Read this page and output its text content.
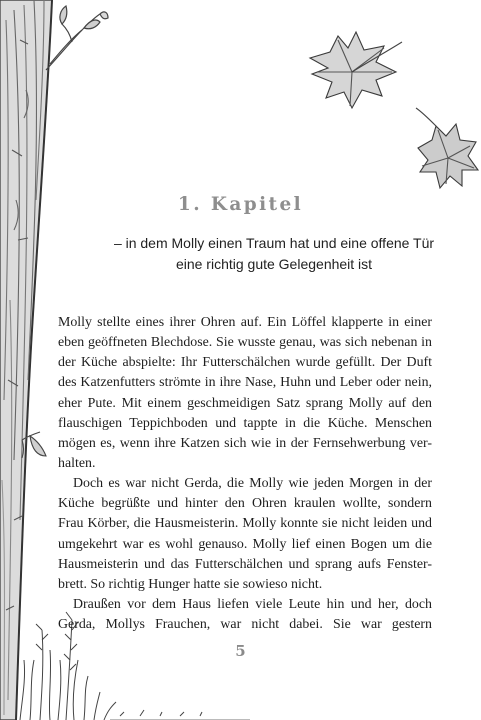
1. Kapitel
– in dem Molly einen Traum hat und eine offene Tür
eine richtig gute Gelegenheit ist
Molly stellte eines ihrer Ohren auf. Ein Löffel klapperte in einer
eben geöffneten Blechdose. Sie wusste genau, was sich nebenan in
der Küche abspielte: Ihr Futterschälchen wurde gefüllt. Der Duft
des Katzenfutters strömte in ihre Nase, Huhn und Leber oder nein,
eher Pute. Mit einem geschmeidigen Satz sprang Molly auf den
flauschigen Teppichboden und tappte in die Küche. Menschen
mögen es, wenn ihre Katzen sich wie in der Fernsehwerbung ver-
halten.
Doch es war nicht Gerda, die Molly wie jeden Morgen in der
Küche begrüßte und hinter den Ohren kraulen wollte, sondern
Frau Körber, die Hausmeisterin. Molly konnte sie nicht leiden und
umgekehrt war es wohl genauso. Molly lief einen Bogen um die
Hausmeisterin und das Futterschälchen und sprang aufs Fenster-
brett. So richtig Hunger hatte sie sowieso nicht.
Draußen vor dem Haus liefen viele Leute hin und her, doch
Gerda, Mollys Frauchen, war nicht dabei. Sie war gestern
5
